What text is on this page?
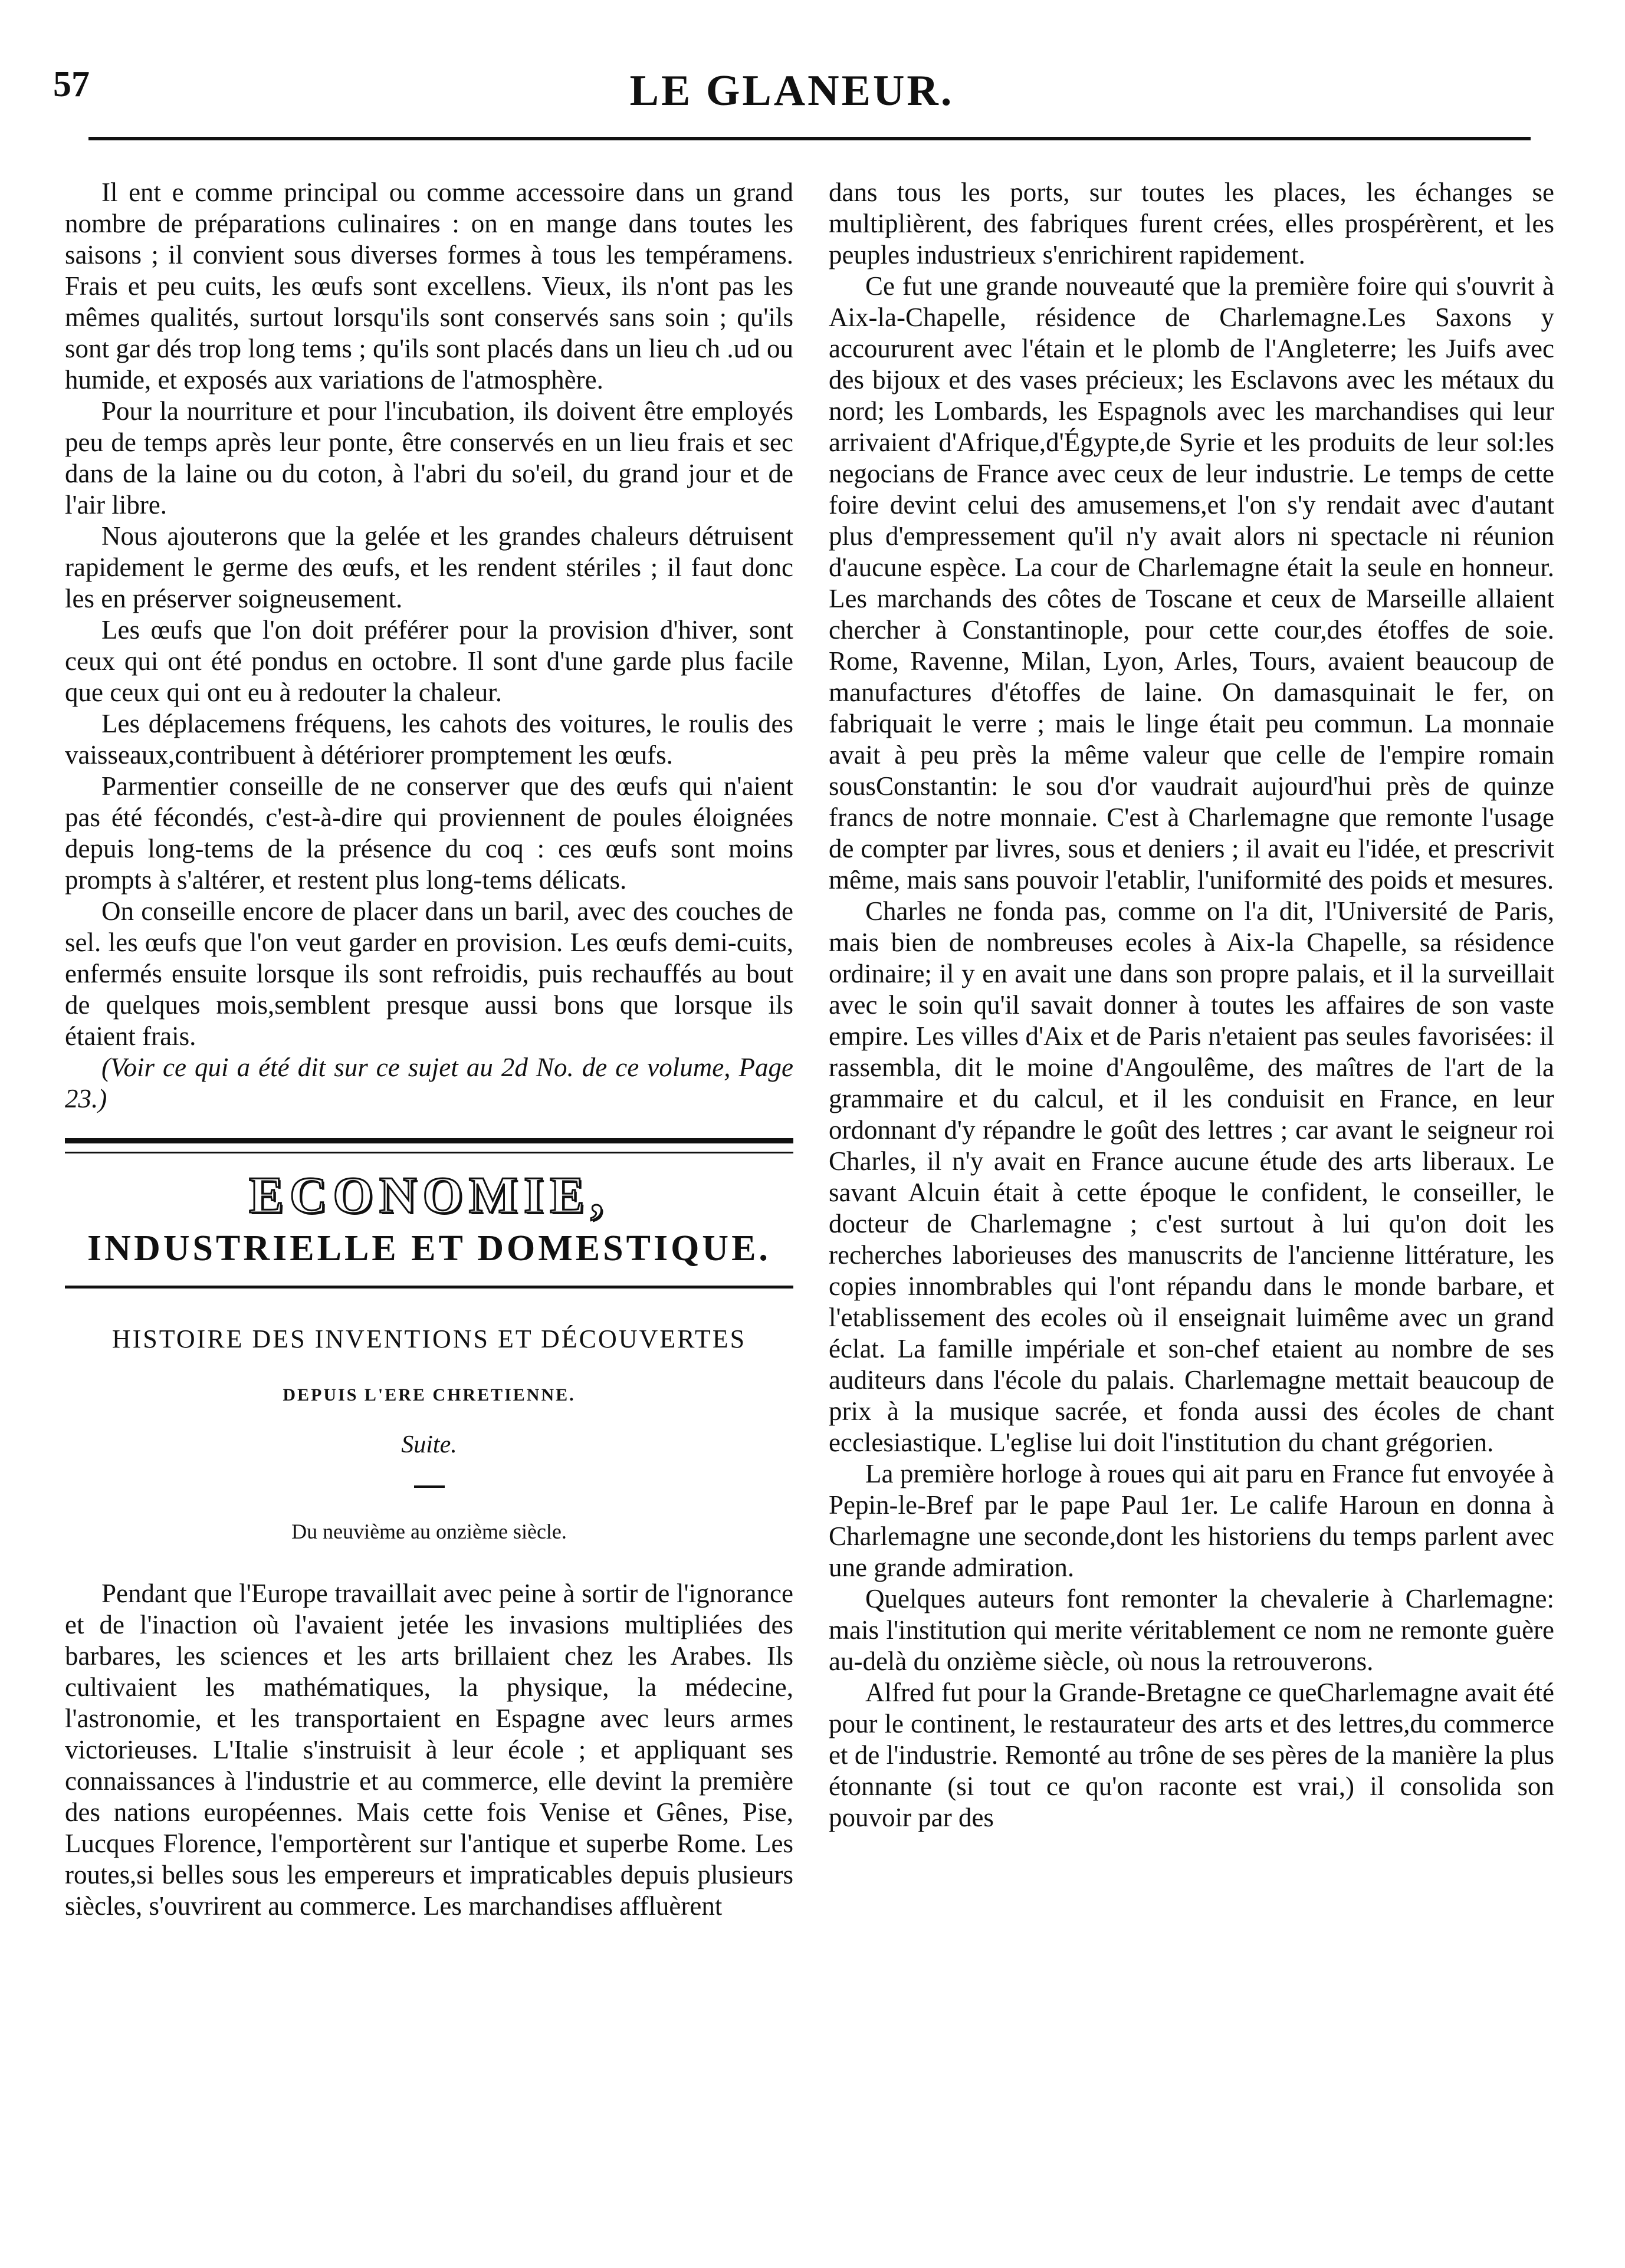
57	LE GLANEUR.

Il ent e comme principal ou comme accessoire dans un grand nombre de préparations culinaires : on en mange dans toutes les saisons ; il convient sous diverses formes à tous les tempéramens. Frais et peu cuits, les œufs sont excellens. Vieux, ils n'ont pas les mêmes qualités, surtout lorsqu'ils sont conservés sans soin ; qu'ils sont gar dés trop long tems ; qu'ils sont placés dans un lieu ch .ud ou humide, et exposés aux variations de l'atmosphère.

Pour la nourriture et pour l'incubation, ils doivent être employés peu de temps après leur ponte, être conservés en un lieu frais et sec dans de la laine ou du coton, à l'abri du so'eil, du grand jour et de l'air libre.

Nous ajouterons que la gelée et les grandes chaleurs détruisent rapidement le germe des œufs, et les rendent stériles ; il faut donc les en préserver soigneusement.

Les œufs que l'on doit préférer pour la provision d'hiver, sont ceux qui ont été pondus en octobre. Il sont d'une garde plus facile que ceux qui ont eu à redouter la chaleur.

Les déplacemens fréquens, les cahots des voitures, le roulis des vaisseaux,contribuent à détériorer promptement les œufs.

Parmentier conseille de ne conserver que des œufs qui n'aient pas été fécondés, c'est-à-dire qui proviennent de poules éloignées depuis long-tems de la présence du coq : ces œufs sont moins prompts à s'altérer, et restent plus long-tems délicats.

On conseille encore de placer dans un baril, avec des couches de sel. les œufs que l'on veut garder en provision. Les œufs demi-cuits, enfermés ensuite lorsque ils sont refroidis, puis rechauffés au bout de quelques mois,semblent presque aussi bons que lorsque ils étaient frais.

(Voir ce qui a été dit sur ce sujet au 2d No. de ce volume, Page 23.)

ECONOMIE,
INDUSTRIELLE ET DOMESTIQUE.
HISTOIRE DES INVENTIONS ET DÉCOUVERTES
DEPUIS L'ERE CHRETIENNE.
Suite.
Du neuvième au onzième siècle.

Pendant que l'Europe travaillait avec peine à sortir de l'ignorance et de l'inaction où l'avaient jetée les invasions multipliées des barbares, les sciences et les arts brillaient chez les Arabes. Ils cultivaient les mathématiques, la physique, la médecine, l'astronomie, et les transportaient en Espagne avec leurs armes victorieuses. L'Italie s'instruisit à leur école ; et appliquant ses connaissances à l'industrie et au commerce, elle devint la première des nations européennes. Mais cette fois Venise et Gênes, Pise, Lucques Florence, l'emportèrent sur l'antique et superbe Rome. Les routes,si belles sous les empereurs et impraticables depuis plusieurs siècles, s'ouvrirent au commerce. Les marchandises affluèrent

dans tous les ports, sur toutes les places, les échanges se multiplièrent, des fabriques furent crées, elles prospérèrent, et les peuples industrieux s'enrichirent rapidement.

Ce fut une grande nouveauté que la première foire qui s'ouvrit à Aix-la-Chapelle, résidence de Charlemagne.Les Saxons y accoururent avec l'étain et le plomb de l'Angleterre; les Juifs avec des bijoux et des vases précieux; les Esclavons avec les métaux du nord; les Lombards, les Espagnols avec les marchandises qui leur arrivaient d'Afrique,d'Égypte,de Syrie et les produits de leur sol:les negocians de France avec ceux de leur industrie. Le temps de cette foire devint celui des amusemens,et l'on s'y rendait avec d'autant plus d'empressement qu'il n'y avait alors ni spectacle ni réunion d'aucune espèce. La cour de Charlemagne était la seule en honneur. Les marchands des côtes de Toscane et ceux de Marseille allaient chercher à Constantinople, pour cette cour,des étoffes de soie. Rome, Ravenne, Milan, Lyon, Arles, Tours, avaient beaucoup de manufactures d'étoffes de laine. On damasquinait le fer, on fabriquait le verre ; mais le linge était peu commun. La monnaie avait à peu près la même valeur que celle de l'empire romain sousConstantin: le sou d'or vaudrait aujourd'hui près de quinze francs de notre monnaie. C'est à Charlemagne que remonte l'usage de compter par livres, sous et deniers ; il avait eu l'idée, et prescrivit même, mais sans pouvoir l'etablir, l'uniformité des poids et mesures.

Charles ne fonda pas, comme on l'a dit, l'Université de Paris, mais bien de nombreuses ecoles à Aix-la Chapelle, sa résidence ordinaire; il y en avait une dans son propre palais, et il la surveillait avec le soin qu'il savait donner à toutes les affaires de son vaste empire. Les villes d'Aix et de Paris n'etaient pas seules favorisées: il rassembla, dit le moine d'Angoulême, des maîtres de l'art de la grammaire et du calcul, et il les conduisit en France, en leur ordonnant d'y répandre le goût des lettres ; car avant le seigneur roi Charles, il n'y avait en France aucune étude des arts liberaux. Le savant Alcuin était à cette époque le confident, le conseiller, le docteur de Charlemagne ; c'est surtout à lui qu'on doit les recherches laborieuses des manuscrits de l'ancienne littérature, les copies innombrables qui l'ont répandu dans le monde barbare, et l'etablissement des ecoles où il enseignait luimême avec un grand éclat. La famille impériale et son-chef etaient au nombre de ses auditeurs dans l'école du palais. Charlemagne mettait beaucoup de prix à la musique sacrée, et fonda aussi des écoles de chant ecclesiastique. L'eglise lui doit l'institution du chant grégorien.

La première horloge à roues qui ait paru en France fut envoyée à Pepin-le-Bref par le pape Paul 1er. Le calife Haroun en donna à Charlemagne une seconde,dont les historiens du temps parlent avec une grande admiration.

Quelques auteurs font remonter la chevalerie à Charlemagne: mais l'institution qui merite véritablement ce nom ne remonte guère au-delà du onzième siècle, où nous la retrouverons.

Alfred fut pour la Grande-Bretagne ce queCharlemagne avait été pour le continent, le restaurateur des arts et des lettres,du commerce et de l'industrie. Remonté au trône de ses pères de la manière la plus étonnante (si tout ce qu'on raconte est vrai,) il consolida son pouvoir par des
